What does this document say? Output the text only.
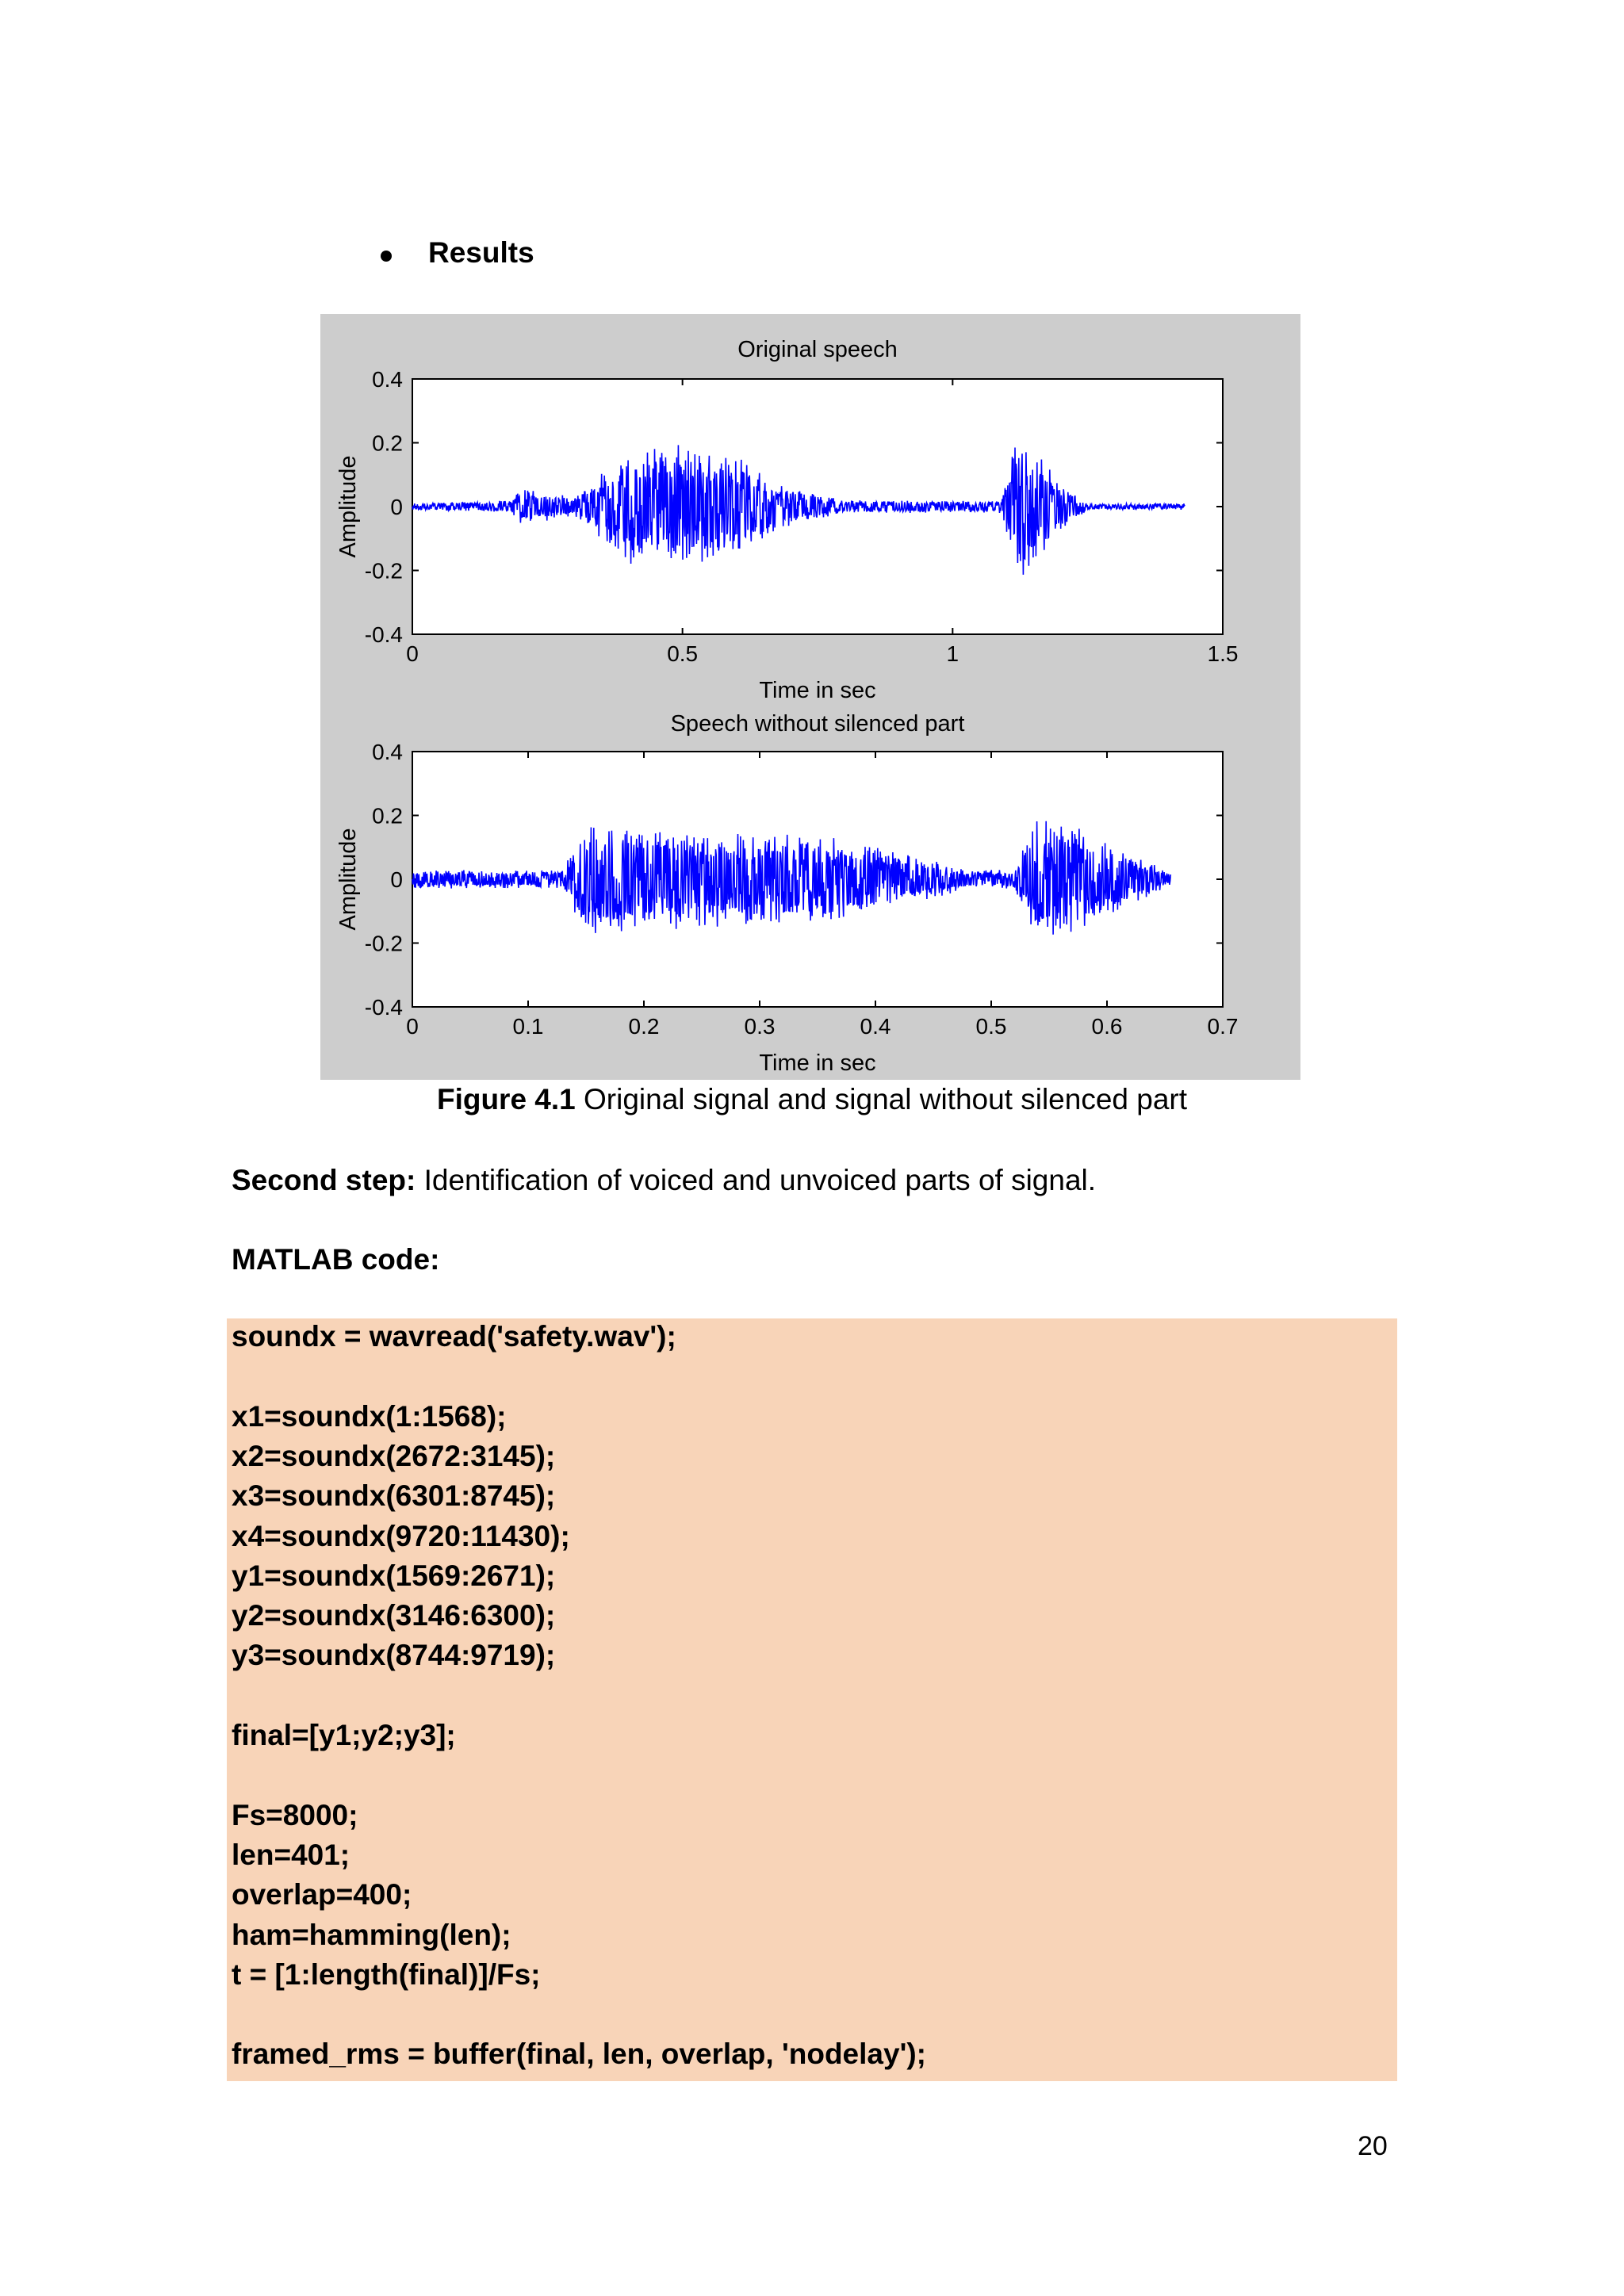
Results
Original speech
Time in sec
Amplitude
0	0.5	1	1.5
0.4
0.2
0
-0.2
-0.4
Speech without silenced part
Time in sec
Amplitude
0	0.1	0.2	0.3	0.4	0.5	0.6	0.7
0.4
0.2
0
-0.2
-0.4
Figure 4.1 Original signal and signal without silenced part
Second step: Identification of voiced and unvoiced parts of signal.
MATLAB code:
soundx = wavread('safety.wav');
x1=soundx(1:1568);
x2=soundx(2672:3145);
x3=soundx(6301:8745);
x4=soundx(9720:11430);
y1=soundx(1569:2671);
y2=soundx(3146:6300);
y3=soundx(8744:9719);
final=[y1;y2;y3];
Fs=8000;
len=401;
overlap=400;
ham=hamming(len);
t = [1:length(final)]/Fs;
framed_rms = buffer(final, len, overlap, 'nodelay');
20
